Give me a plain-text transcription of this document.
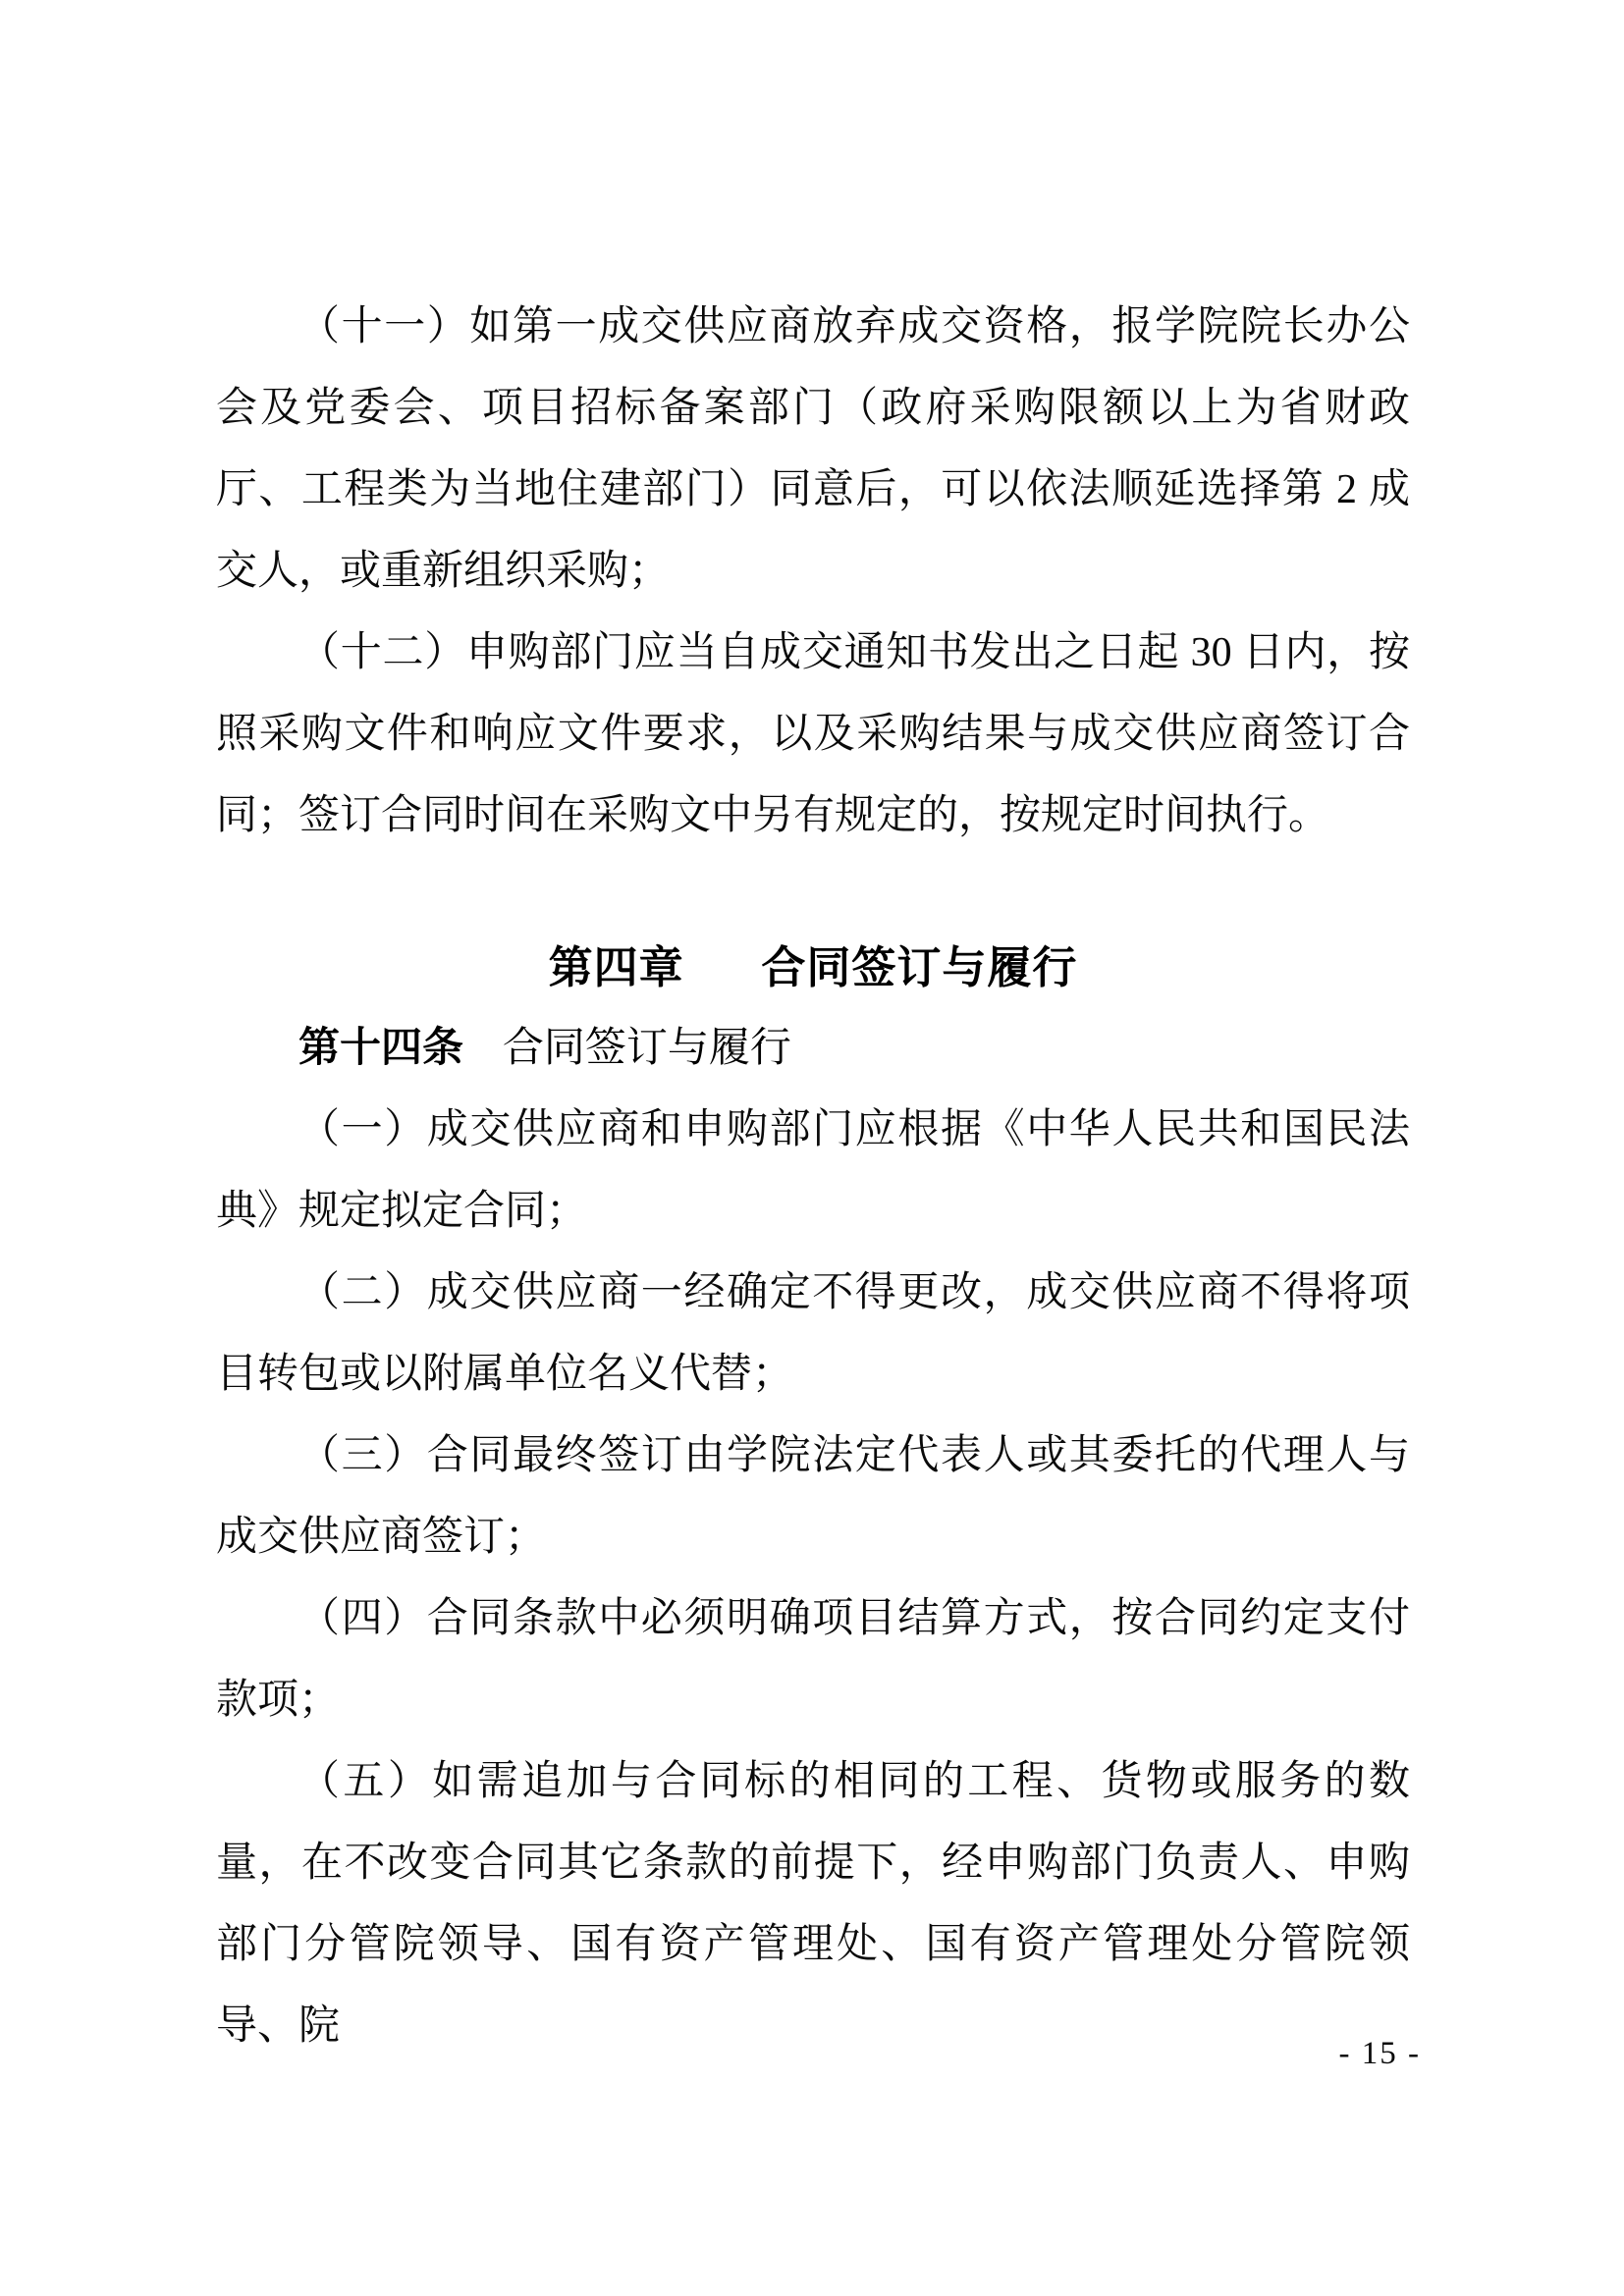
（十一）如第一成交供应商放弃成交资格，报学院院长办公会及党委会、项目招标备案部门（政府采购限额以上为省财政厅、工程类为当地住建部门）同意后，可以依法顺延选择第 2 成交人，或重新组织采购；

（十二）申购部门应当自成交通知书发出之日起 30 日内，按照采购文件和响应文件要求，以及采购结果与成交供应商签订合同；签订合同时间在采购文中另有规定的，按规定时间执行。

第四章 合同签订与履行

第十四条 合同签订与履行

（一）成交供应商和申购部门应根据《中华人民共和国民法典》规定拟定合同；

（二）成交供应商一经确定不得更改，成交供应商不得将项目转包或以附属单位名义代替；

（三）合同最终签订由学院法定代表人或其委托的代理人与成交供应商签订；

（四）合同条款中必须明确项目结算方式，按合同约定支付款项；

（五）如需追加与合同标的相同的工程、货物或服务的数量，在不改变合同其它条款的前提下，经申购部门负责人、申购部门分管院领导、国有资产管理处、国有资产管理处分管院领导、院

- 15 -
